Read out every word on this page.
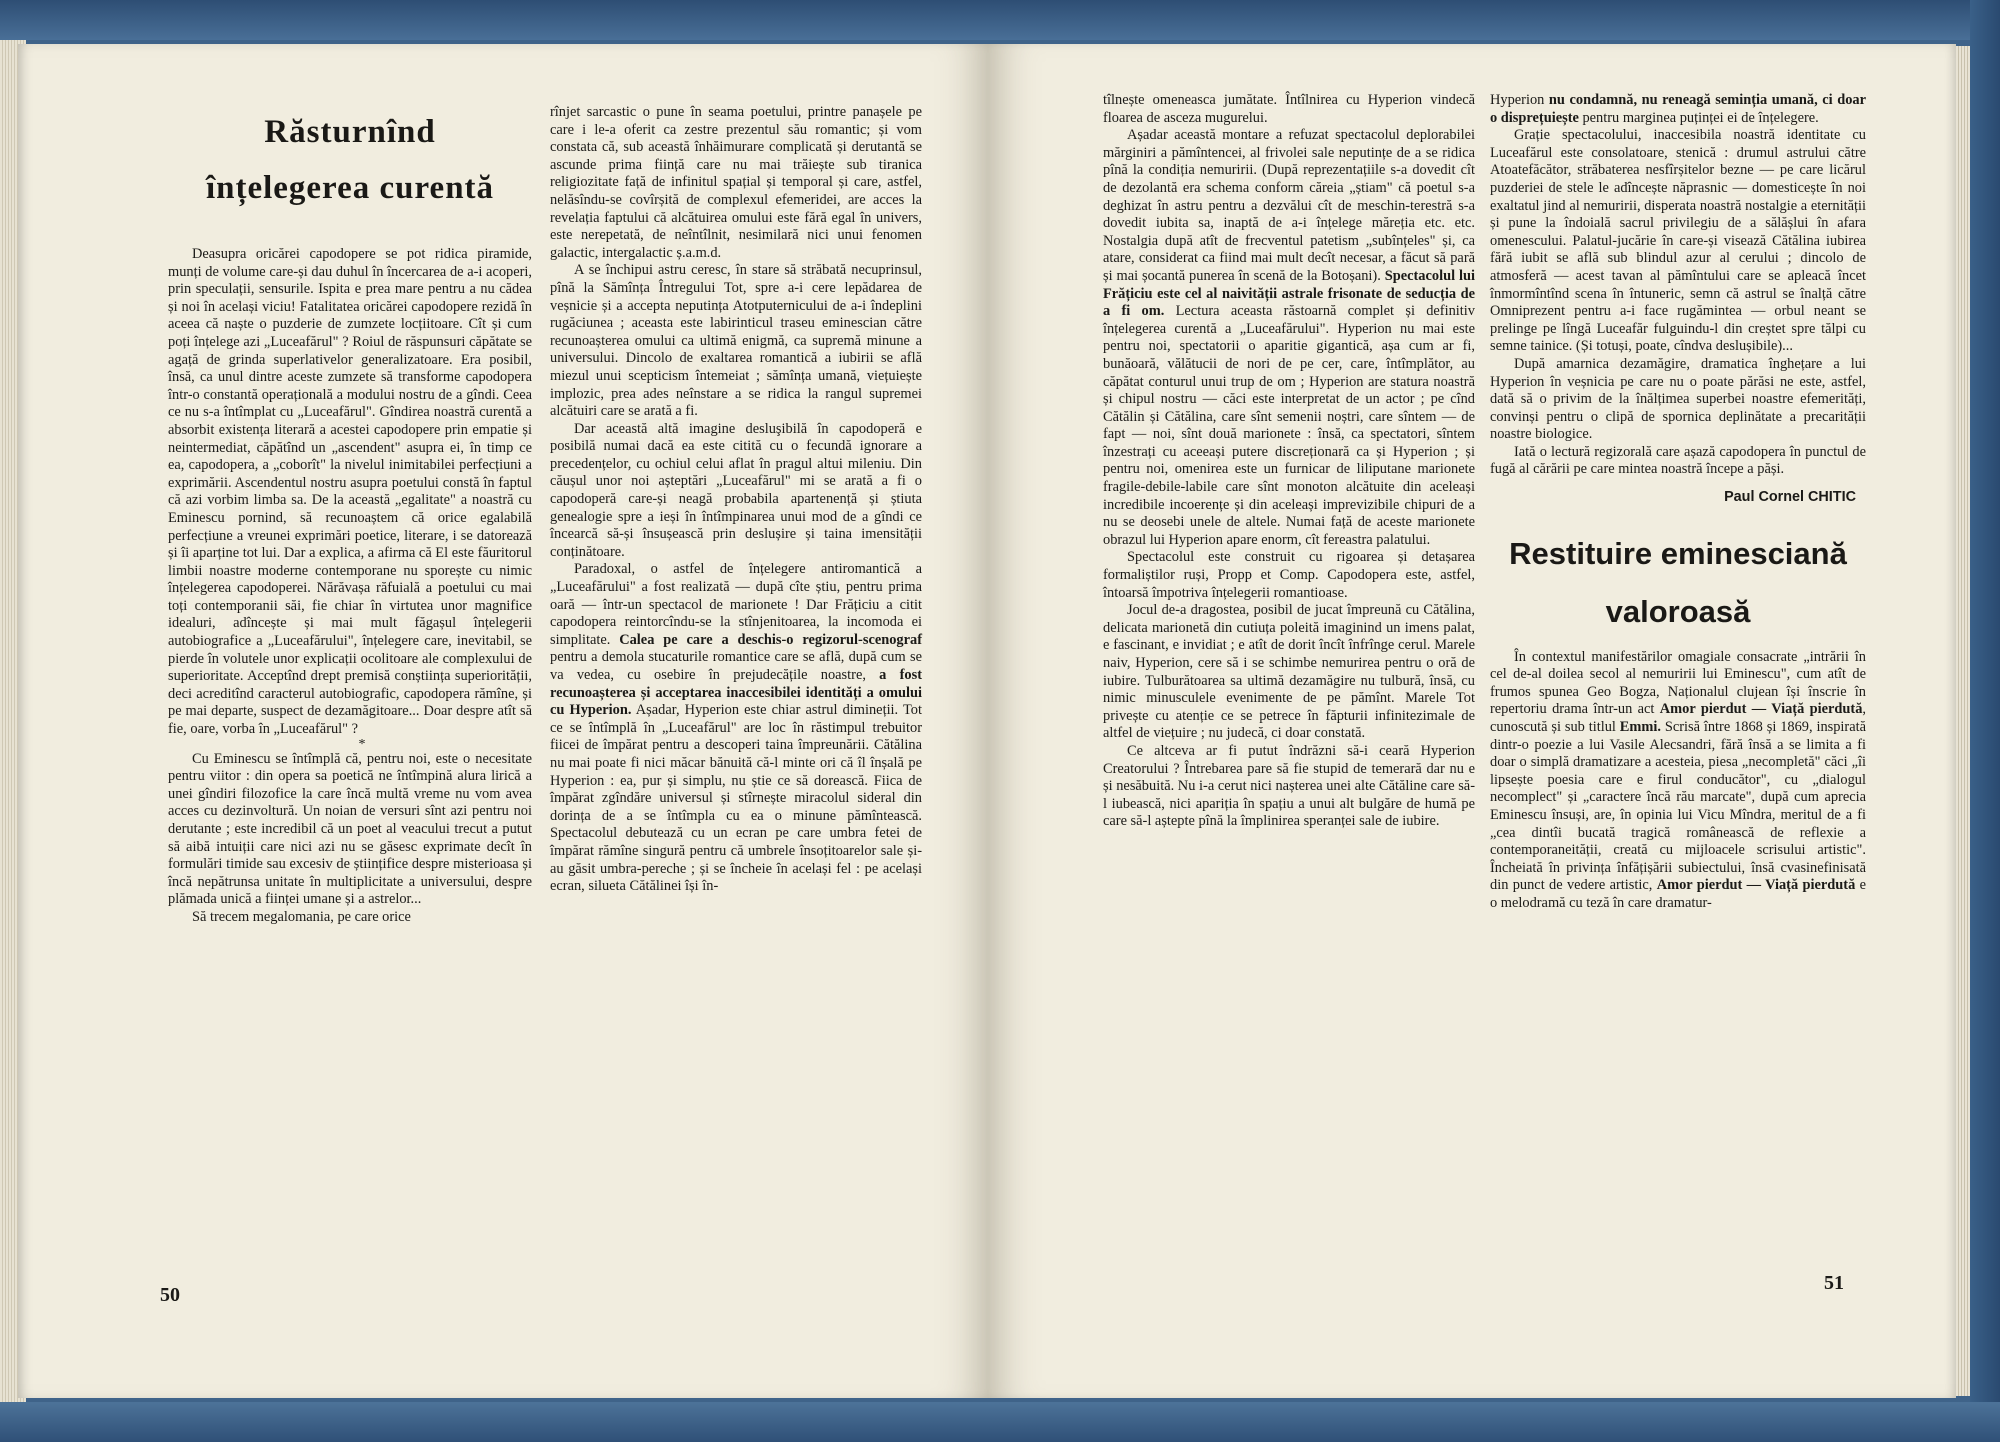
Răsturnînd
înțelegerea curentă

Deasupra oricărei capodopere se pot ridica piramide, munți de volume care-și dau duhul în încercarea de a-i acoperi, prin speculații, sensurile. Ispita e prea mare pentru a nu cădea și noi în același viciu! Fatalitatea oricărei capodopere rezidă în aceea că naște o puzderie de zumzete locțiitoare. Cît și cum poți înțelege azi „Luceafărul" ? Roiul de răspunsuri căpătate se agață de grinda superlativelor generalizatoare. Era posibil, însă, ca unul dintre aceste zumzete să transforme capodopera într-o constantă operațională a modului nostru de a gîndi. Ceea ce nu s-a întîmplat cu „Luceafărul". Gîndirea noastră curentă a absorbit existența literară a acestei capodopere prin empatie și neintermediat, căpătînd un „ascendent" asupra ei, în timp ce ea, capodopera, a „coborît" la nivelul inimitabilei perfecțiuni a exprimării. Ascendentul nostru asupra poetului constă în faptul că azi vorbim limba sa. De la această „egalitate" a noastră cu Eminescu pornind, să recunoaștem că orice egalabilă perfecțiune a vreunei exprimări poetice, literare, i se datorează și îi aparține tot lui. Dar a explica, a afirma că El este făuritorul limbii noastre moderne contemporane nu sporește cu nimic înțelegerea capodoperei. Nărăvașa răfuială a poetului cu mai toți contemporanii săi, fie chiar în virtutea unor magnifice idealuri, adîncește și mai mult făgașul înțelegerii autobiografice a „Luceafărului", înțelegere care, inevitabil, se pierde în volutele unor explicații ocolitoare ale complexului de superioritate. Acceptînd drept premisă conștiința superiorității, deci acreditînd caracterul autobiografic, capodopera rămîne, și pe mai departe, suspect de dezamăgitoare... Doar despre atît să fie, oare, vorba în „Luceafărul" ?

*

Cu Eminescu se întîmplă că, pentru noi, este o necesitate pentru viitor : din opera sa poetică ne întîmpină alura lirică a unei gîndiri filozofice la care încă multă vreme nu vom avea acces cu dezinvoltură. Un noian de versuri sînt azi pentru noi derutante ; este incredibil că un poet al veacului trecut a putut să aibă intuiții care nici azi nu se găsesc exprimate decît în formulări timide sau excesiv de științifice despre misterioasa și încă nepătrunsa unitate în multiplicitate a universului, despre plămada unică a ființei umane și a astrelor...

Să trecem megalomania, pe care orice

rînjet sarcastic o pune în seama poetului, printre panașele pe care i le-a oferit ca zestre prezentul său romantic; și vom constata că, sub această înhăimurare complicată și derutantă se ascunde prima ființă care nu mai trăiește sub tiranica religiozitate față de infinitul spațial și temporal și care, astfel, nelăsîndu-se covîrșită de complexul efemeridei, are acces la revelația faptului că alcătuirea omului este fără egal în univers, este nerepetată, de neîntîlnit, nesimilară nici unui fenomen galactic, intergalactic ș.a.m.d.

A se închipui astru ceresc, în stare să străbată necuprinsul, pînă la Sămînța Întregului Tot, spre a-i cere lepădarea de veșnicie și a accepta neputința Atotputernicului de a-i îndeplini rugăciunea ; aceasta este labirinticul traseu eminescian către recunoașterea omului ca ultimă enigmă, ca supremă minune a universului. Dincolo de exaltarea romantică a iubirii se află miezul unui scepticism întemeiat ; sămînța umană, viețuiește implozic, prea ades neînstare a se ridica la rangul supremei alcătuiri care se arată a fi.

Dar această altă imagine desluşibilă în capodoperă e posibilă numai dacă ea este citită cu o fecundă ignorare a precedențelor, cu ochiul celui aflat în pragul altui mileniu. Din căușul unor noi așteptări „Luceafărul" mi se arată a fi o capodoperă care-și neagă probabila apartenență și știuta genealogie spre a ieși în întîmpinarea unui mod de a gîndi ce încearcă să-și însușească prin deslușire și taina imensității conținătoare.

Paradoxal, o astfel de înțelegere antiromantică a „Luceafărului" a fost realizată — după cîte știu, pentru prima oară — într-un spectacol de marionete ! Dar Frățiciu a citit capodopera reintorcîndu-se la stînjenitoarea, la incomoda ei simplitate. Calea pe care a deschis-o regizorul-scenograf pentru a demola stucaturile romantice care se află, după cum se va vedea, cu osebire în prejudecățile noastre, a fost recunoașterea și acceptarea inaccesibilei identități a omului cu Hyperion. Așadar, Hyperion este chiar astrul dimineții. Tot ce se întîmplă în „Luceafărul" are loc în răstimpul trebuitor fiicei de împărat pentru a descoperi taina împreunării. Cătălina nu mai poate fi nici măcar bănuită că-l minte ori că îl înșală pe Hyperion : ea, pur și simplu, nu știe ce să dorească. Fiica de împărat zgîndăre universul și stîrnește miracolul sideral din dorința de a se întîmpla cu ea o minune pămîntească. Spectacolul debutează cu un ecran pe care umbra fetei de împărat rămîne singură pentru că umbrele însoțitoarelor sale și-au găsit umbra-pereche ; și se încheie în același fel : pe același ecran, silueta Cătălinei își în-

50

tîlnește omeneasca jumătate. Întîlnirea cu Hyperion vindecă floarea de asceza mugurelui.

Așadar această montare a refuzat spectacolul deplorabilei mărginiri a pămîntencei, al frivolei sale neputințe de a se ridica pînă la condiția nemuririi. (După reprezentațiile s-a dovedit cît de dezolantă era schema conform căreia „știam" că poetul s-a deghizat în astru pentru a dezvălui cît de meschin-terestră s-a dovedit iubita sa, inaptă de a-i înțelege măreția etc. etc. Nostalgia după atît de frecventul patetism „subînțeles" și, ca atare, considerat ca fiind mai mult decît necesar, a făcut să pară și mai șocantă punerea în scenă de la Botoșani). Spectacolul lui Frățiciu este cel al naivității astrale frisonate de seducția de a fi om. Lectura aceasta răstoarnă complet și definitiv înțelegerea curentă a „Luceafărului". Hyperion nu mai este pentru noi, spectatorii o aparitie gigantică, așa cum ar fi, bunăoară, vălătucii de nori de pe cer, care, întîmplător, au căpătat conturul unui trup de om ; Hyperion are statura noastră și chipul nostru — căci este interpretat de un actor ; pe cînd Cătălin și Cătălina, care sînt semenii noștri, care sîntem — de fapt — noi, sînt două marionete : însă, ca spectatori, sîntem înzestrați cu aceeași putere discreționară ca și Hyperion ; și pentru noi, omenirea este un furnicar de liliputane marionete fragile-debile-labile care sînt monoton alcătuite din aceleași incredibile incoerențe și din aceleași imprevizibile chipuri de a nu se deosebi unele de altele. Numai față de aceste marionete obrazul lui Hyperion apare enorm, cît fereastra palatului.

Spectacolul este construit cu rigoarea și detașarea formaliștilor ruși, Propp et Comp. Capodopera este, astfel, întoarsă împotriva înțelegerii romantioase.

Jocul de-a dragostea, posibil de jucat împreună cu Cătălina, delicata marionetă din cutiuța poleită imaginind un imens palat, e fascinant, e invidiat ; e atît de dorit încît înfrînge cerul. Marele naiv, Hyperion, cere să i se schimbe nemurirea pentru o oră de iubire. Tulburătoarea sa ultimă dezamăgire nu tulbură, însă, cu nimic minusculele evenimente de pe pămînt. Marele Tot privește cu atenție ce se petrece în făpturii infinitezimale de altfel de viețuire ; nu judecă, ci doar constată.

Ce altceva ar fi putut îndrăzni să-i ceară Hyperion Creatorului ? Întrebarea pare să fie stupid de temerară dar nu e și nesăbuită. Nu i-a cerut nici nașterea unei alte Cătăline care să-l iubească, nici apariția în spațiu a unui alt bulgăre de humă pe care să-l aștepte pînă la împlinirea speranței sale de iubire.

Hyperion nu condamnă, nu reneagă semințiа umană, ci doar o disprețuiește pentru marginea puținței ei de înțelegere.

Grație spectacolului, inaccesibila noastră identitate cu Luceafărul este consolatoare, stenică : drumul astrului către Atoatefăcător, străbaterea nesfîrșitelor bezne — pe care licărul puzderiei de stele le adîncește năprasnic — domesticește în noi exaltatul jind al nemuririi, disperata noastră nostalgie a eternității și pune la îndoială sacrul privilegiu de a sălășlui în afara omenescului. Palatul-jucărie în care-și visează Cătălina iubirea fără iubit se află sub blindul azur al cerului ; dincolo de atmosferă — acest tavan al pămîntului care se apleacă încet înmormîntînd scena în întuneric, semn că astrul se înalță către Omniprezent pentru a-i face rugămintea — orbul neant se prelinge pe lîngă Luceafăr fulguindu-l din creștet spre tălpi cu semne tainice. (Și totuși, poate, cîndva deslușibile)...

După amarnica dezamăgire, dramatica înghețare a lui Hyperion în veșnicia pe care nu o poate părăsi ne este, astfel, dată să o privim de la înălțimea superbei noastre efemerități, convinși pentru o clipă de spornica deplinătate a precarității noastre biologice.

Iată o lectură regizorală care așază capodopera în punctul de fugă al cărării pe care mintea noastră începe a păși.

Paul Cornel CHITIC
Restituire eminesciană
valoroasă

În contextul manifestărilor omagiale consacrate „intrării în cel de-al doilea secol al nemuririi lui Eminescu", cum atît de frumos spunea Geo Bogza, Naționalul clujean își înscrie în repertoriu drama într-un act Amor pierdut — Viață pierdută, cunoscută și sub titlul Emmi. Scrisă între 1868 și 1869, inspirată dintr-o poezie a lui Vasile Alecsandri, fără însă a se limita a fi doar o simplă dramatizare a acesteia, piesa „necompletă" căci „îi lipsește poesia care e firul conducător", cu „dialogul necomplect" și „caractere încă rău marcate", după cum aprecia Eminescu însuși, are, în opinia lui Vicu Mîndra, meritul de a fi „cea dintîi bucată tragică românească de reflexie a contemporaneității, creată cu mijloacele scrisului artistic". Încheiată în privința înfățișării subiectului, însă cvasinefinisată din punct de vedere artistic, Amor pierdut — Viață pierdută e o melodramă cu teză în care dramatur-

51
